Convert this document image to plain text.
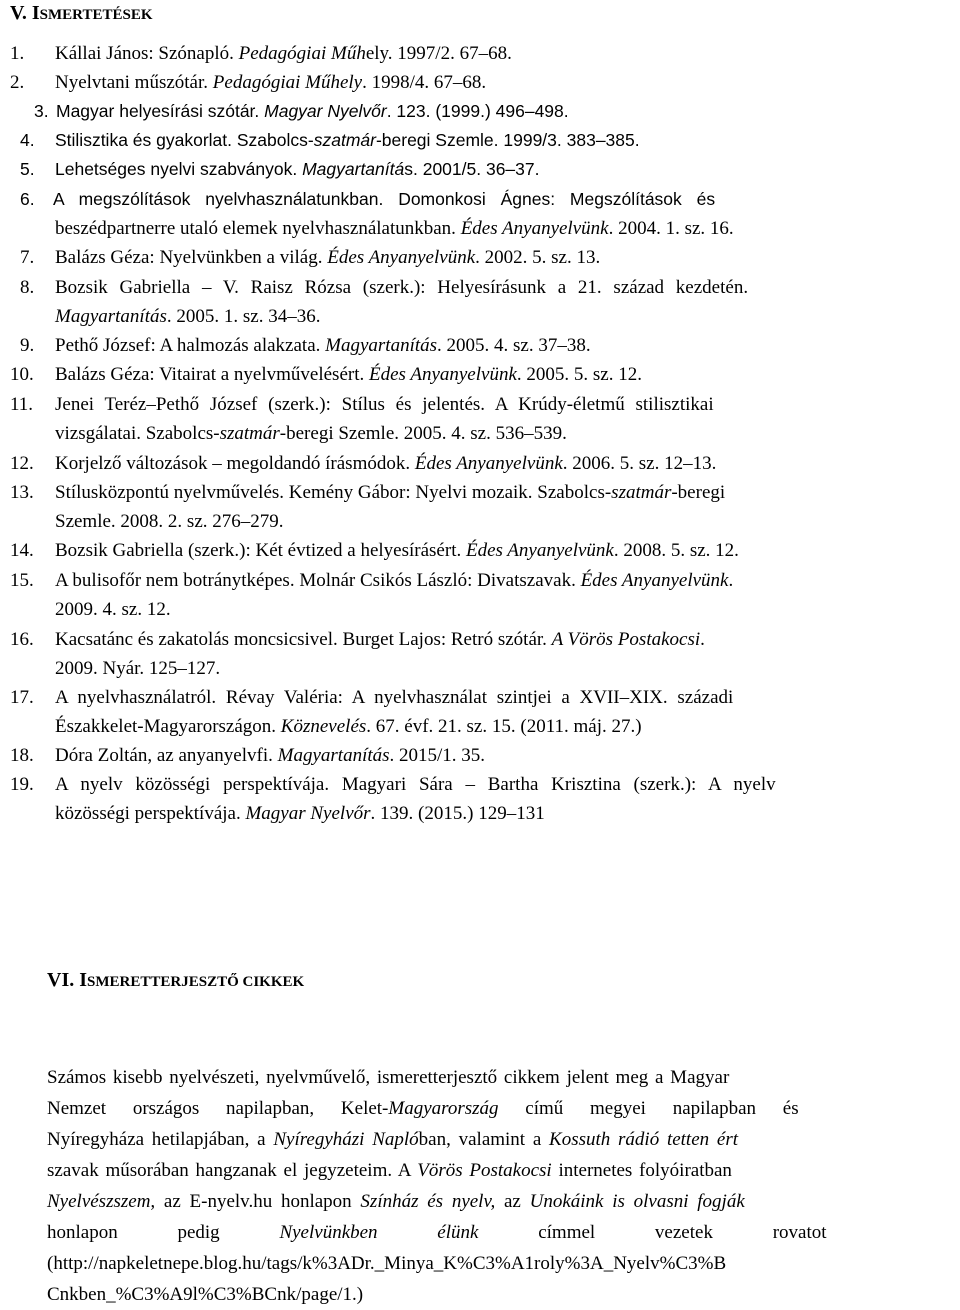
V. ISMERTETÉSEK
1. Kállai János: Szónapló. Pedagógiai Műhely. 1997/2. 67–68.
2. Nyelvtani műszótár. Pedagógiai Műhely. 1998/4. 67–68.
3. Magyar helyesírási szótár. Magyar Nyelvőr. 123. (1999.) 496–498.
4. Stilisztika és gyakorlat. Szabolcs-szatmár-beregi Szemle. 1999/3. 383–385.
5. Lehetséges nyelvi szabványok. Magyartanítás. 2001/5. 36–37.
6. A megszólítások nyelvhasználatunkban. Domonkosi Ágnes: Megszólítások és
beszédpartnerre utaló elemek nyelvhasználatunkban. Édes Anyanyelvünk. 2004. 1. sz. 16.
7. Balázs Géza: Nyelvünkben a világ. Édes Anyanyelvünk. 2002. 5. sz. 13.
8. Bozsik Gabriella – V. Raisz Rózsa (szerk.): Helyesírásunk a 21. század kezdetén.
Magyartanítás. 2005. 1. sz. 34–36.
9. Pethő József: A halmozás alakzata. Magyartanítás. 2005. 4. sz. 37–38.
10. Balázs Géza: Vitairat a nyelvművelésért. Édes Anyanyelvünk. 2005. 5. sz. 12.
11. Jenei Teréz–Pethő József (szerk.): Stílus és jelentés. A Krúdy-életmű stilisztikai
vizsgálatai. Szabolcs-szatmár-beregi Szemle. 2005. 4. sz. 536–539.
12. Korjelző változások – megoldandó írásmódok. Édes Anyanyelvünk. 2006. 5. sz. 12–13.
13. Stílusközpontú nyelvművelés. Kemény Gábor: Nyelvi mozaik. Szabolcs-szatmár-beregi
Szemle. 2008. 2. sz. 276–279.
14. Bozsik Gabriella (szerk.): Két évtized a helyesírásért. Édes Anyanyelvünk. 2008. 5. sz. 12.
15. A bulisofőr nem botránytképes. Molnár Csikós László: Divatszavak. Édes Anyanyelvünk.
2009. 4. sz. 12.
16. Kacsatánc és zakatolás moncsicsivel. Burget Lajos: Retró szótár. A Vörös Postakocsi.
2009. Nyár. 125–127.
17. A nyelvhasználatról. Révay Valéria: A nyelvhasználat szintjei a XVII–XIX. századi
Északkelet-Magyarországon. Köznevelés. 67. évf. 21. sz. 15. (2011. máj. 27.)
18. Dóra Zoltán, az anyanyelvfi. Magyartanítás. 2015/1. 35.
19. A nyelv közösségi perspektívája. Magyari Sára – Bartha Krisztina (szerk.): A nyelv
közösségi perspektívája. Magyar Nyelvőr. 139. (2015.) 129–131
VI. ISMERETTERJESZTŐ CIKKEK
Számos kisebb nyelvészeti, nyelvművelő, ismeretterjesztő cikkem jelent meg a Magyar
Nemzet országos napilapban, Kelet-Magyarország című megyei napilapban és
Nyíregyháza hetilapjában, a Nyíregyházi Naplóban, valamint a Kossuth rádió tetten ért
szavak műsorában hangzanak el jegyzeteim. A Vörös Postakocsi internetes folyóiratban
Nyelvészszem, az E-nyelv.hu honlapon Színház és nyelv, az Unokáink is olvasni fogják
honlapon pedig Nyelvünkben élünk címmel vezetek rovatot
(http://napkeletnepe.blog.hu/tags/k%3ADr._Minya_K%C3%A1roly%3A_Nyelv%C3%B
Cnkben_%C3%A9l%C3%BCnk/page/1.)
